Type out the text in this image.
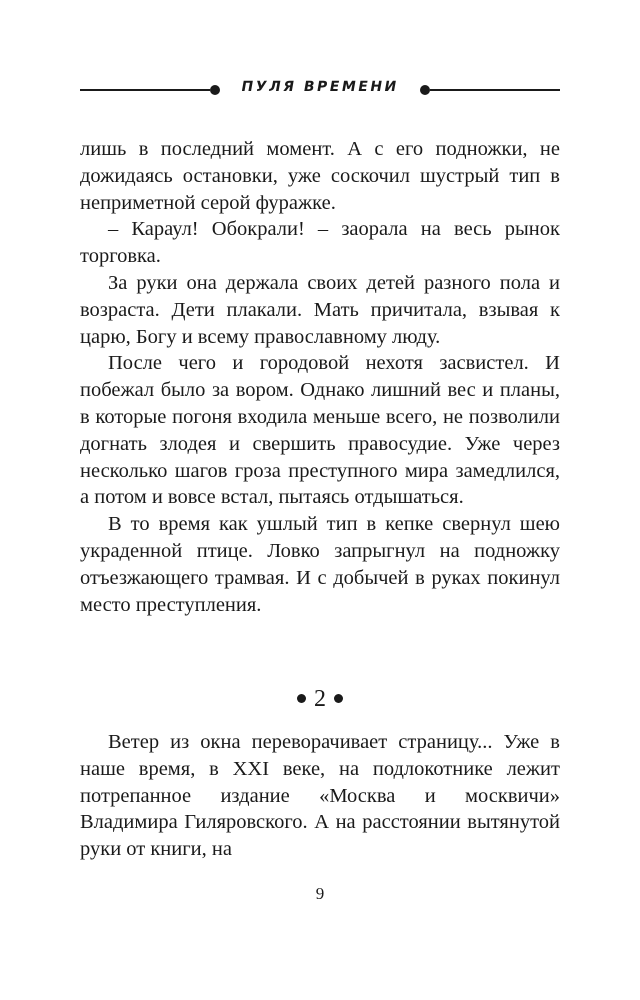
ПУЛЯ ВРЕМЕНИ

лишь в последний момент. А с его подножки, не дожидаясь остановки, уже соскочил шустрый тип в неприметной серой фуражке.

– Караул! Обокрали! – заорала на весь рынок торговка.

За руки она держала своих детей разного пола и возраста. Дети плакали. Мать причитала, взывая к царю, Богу и всему православному люду.

После чего и городовой нехотя засвистел. И побежал было за вором. Однако лишний вес и планы, в которые погоня входила меньше всего, не позволили догнать злодея и свершить правосудие. Уже через несколько шагов гроза преступного мира замедлился, а потом и вовсе встал, пытаясь отдышаться.

В то время как ушлый тип в кепке свернул шею украденной птице. Ловко запрыгнул на подножку отъезжающего трамвая. И с добычей в руках покинул место преступления.

2

Ветер из окна переворачивает страницу... Уже в наше время, в XXI веке, на подлокотнике лежит потрепанное издание «Москва и москвичи» Владимира Гиляровского. А на расстоянии вытянутой руки от книги, на

9
